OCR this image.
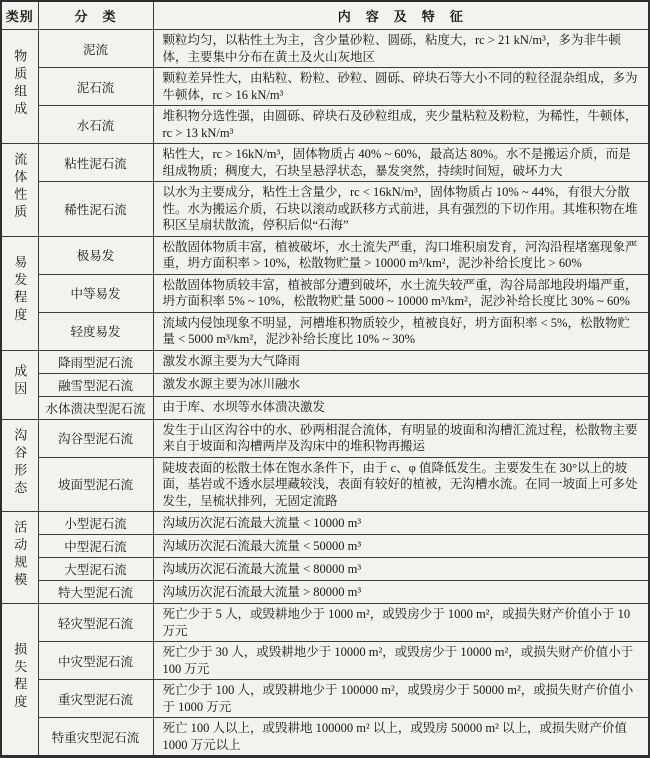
类别	分　类	内　容　及　特　征
物质组成	泥流	颗粒均匀，以粘性土为主，含少量砂粒、圆砾，粘度大，rc > 21 kN/m³，多为非牛顿体，主要集中分布在黄土及火山灰地区
	泥石流	颗粒差异性大，由粘粒、粉粒、砂粒、圆砾、碎块石等大小不同的粒径混杂组成，多为牛顿体，rc > 16 kN/m³
	水石流	堆积物分选性强，由圆砾、碎块石及砂粒组成，夹少量粘粒及粉粒，为稀性，牛顿体，rc > 13 kN/m³
流体性质	粘性泥石流	粘性大，rc > 16kN/m³，固体物质占 40% ~ 60%，最高达 80%。水不是搬运介质，而是组成物质；稠度大，石块呈悬浮状态，暴发突然，持续时间短，破坏力大
	稀性泥石流	以水为主要成分，粘性土含量少，rc < 16kN/m³，固体物质占 10% ~ 44%，有很大分散性。水为搬运介质，石块以滚动或跃移方式前进，具有强烈的下切作用。其堆积物在堆积区呈扇状散流，停积后似“石海”
易发程度	极易发	松散固体物质丰富，植被破坏，水土流失严重，沟口堆积扇发育，河沟沿程堵塞现象严重，坍方面积率 > 10%，松散物贮量 > 10000 m³/km²，泥沙补给长度比 > 60%
	中等易发	松散固体物质较丰富，植被部分遭到破坏，水土流失较严重，沟谷局部地段坍塌严重，坍方面积率 5% ~ 10%，松散物贮量 5000 ~ 10000 m³/km²，泥沙补给长度比 30% ~ 60%
	轻度易发	流域内侵蚀现象不明显，河槽堆积物质较少，植被良好，坍方面积率 < 5%，松散物贮量 < 5000 m³/km²，泥沙补给长度比 10% ~ 30%
成因	降雨型泥石流	激发水源主要为大气降雨
	融雪型泥石流	激发水源主要为冰川融水
	水体溃决型泥石流	由于库、水坝等水体溃决激发
沟谷形态	沟谷型泥石流	发生于山区沟谷中的水、砂两相混合流体，有明显的坡面和沟槽汇流过程，松散物主要来自于坡面和沟槽两岸及沟床中的堆积物再搬运
	坡面型泥石流	陡坡表面的松散土体在饱水条件下，由于 c、φ 值降低发生。主要发生在 30°以上的坡面，基岩或不透水层埋藏较浅，表面有较好的植被，无沟槽水流。在同一坡面上可多处发生，呈梳状排列，无固定流路
活动规模	小型泥石流	沟域历次泥石流最大流量 < 10000 m³
	中型泥石流	沟域历次泥石流最大流量 < 50000 m³
	大型泥石流	沟域历次泥石流最大流量 < 80000 m³
	特大型泥石流	沟域历次泥石流最大流量 > 80000 m³
损失程度	轻灾型泥石流	死亡少于 5 人，或毁耕地少于 1000 m²，或毁房少于 1000 m²，或损失财产价值小于 10 万元
	中灾型泥石流	死亡少于 30 人，或毁耕地少于 10000 m²，或毁房少于 10000 m²，或损失财产价值小于 100 万元
	重灾型泥石流	死亡少于 100 人，或毁耕地少于 100000 m²，或毁房少于 50000 m²，或损失财产价值小于 1000 万元
	特重灾型泥石流	死亡 100 人以上，或毁耕地 100000 m² 以上，或毁房 50000 m² 以上，或损失财产价值 1000 万元以上
